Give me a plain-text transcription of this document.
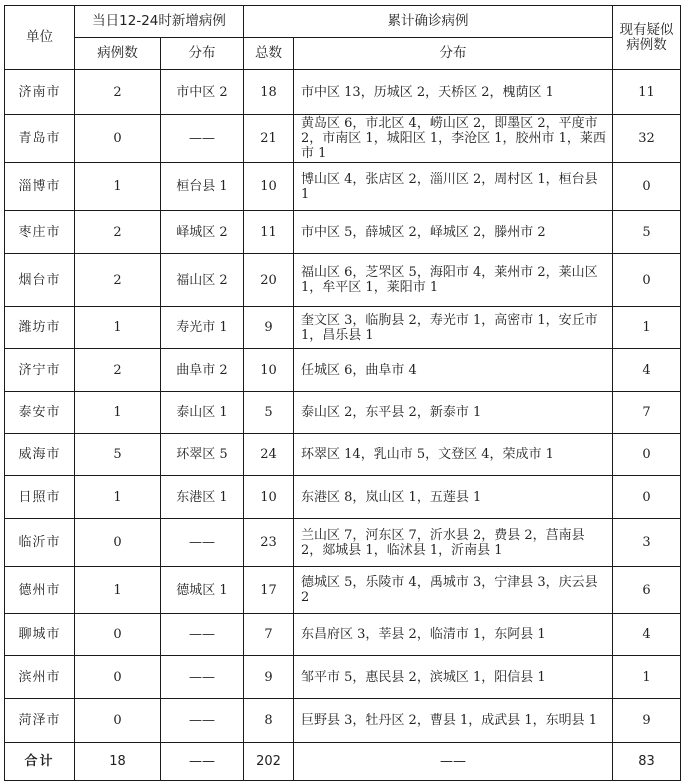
单位	当日12-24时新增病例		累计确诊病例		现有疑似
病例数

	病例数	分布	总数	分布	
济南市	2	市中区 2	18	市中区 13，历城区 2，天桥区 2，槐荫区 1	11
青岛市	0	——	21	黄岛区 6，市北区 4，崂山区 2，即墨区 2，平度市 2，市南区 1，城阳区 1，李沧区 1，胶州市 1，莱西市 1	32
淄博市	1	桓台县 1	10	博山区 4，张店区 2，淄川区 2，周村区 1，桓台县 1	0
枣庄市	2	峄城区 2	11	市中区 5，薛城区 2，峄城区 2，滕州市 2	5
烟台市	2	福山区 2	20	福山区 6，芝罘区 5，海阳市 4，莱州市 2，莱山区 1，牟平区 1，莱阳市 1	0
潍坊市	1	寿光市 1	9	奎文区 3，临朐县 2，寿光市 1，高密市 1，安丘市 1，昌乐县 1	1
济宁市	2	曲阜市 2	10	任城区 6，曲阜市 4	4
泰安市	1	泰山区 1	5	泰山区 2，东平县 2，新泰市 1	7
威海市	5	环翠区 5	24	环翠区 14，乳山市 5，文登区 4，荣成市 1	0
日照市	1	东港区 1	10	东港区 8，岚山区 1，五莲县 1	0
临沂市	0	——	23	兰山区 7，河东区 7，沂水县 2，费县 2，莒南县 2，郯城县 1，临沭县 1，沂南县 1	3
德州市	1	德城区 1	17	德城区 5，乐陵市 4，禹城市 3，宁津县 3，庆云县 2	6
聊城市	0	——	7	东昌府区 3，莘县 2，临清市 1，东阿县 1	4
滨州市	0	——	9	邹平市 5，惠民县 2，滨城区 1，阳信县 1	1
菏泽市	0	——	8	巨野县 3，牡丹区 2，曹县 1，成武县 1，东明县 1	9
合计	18	——	202	——	83
